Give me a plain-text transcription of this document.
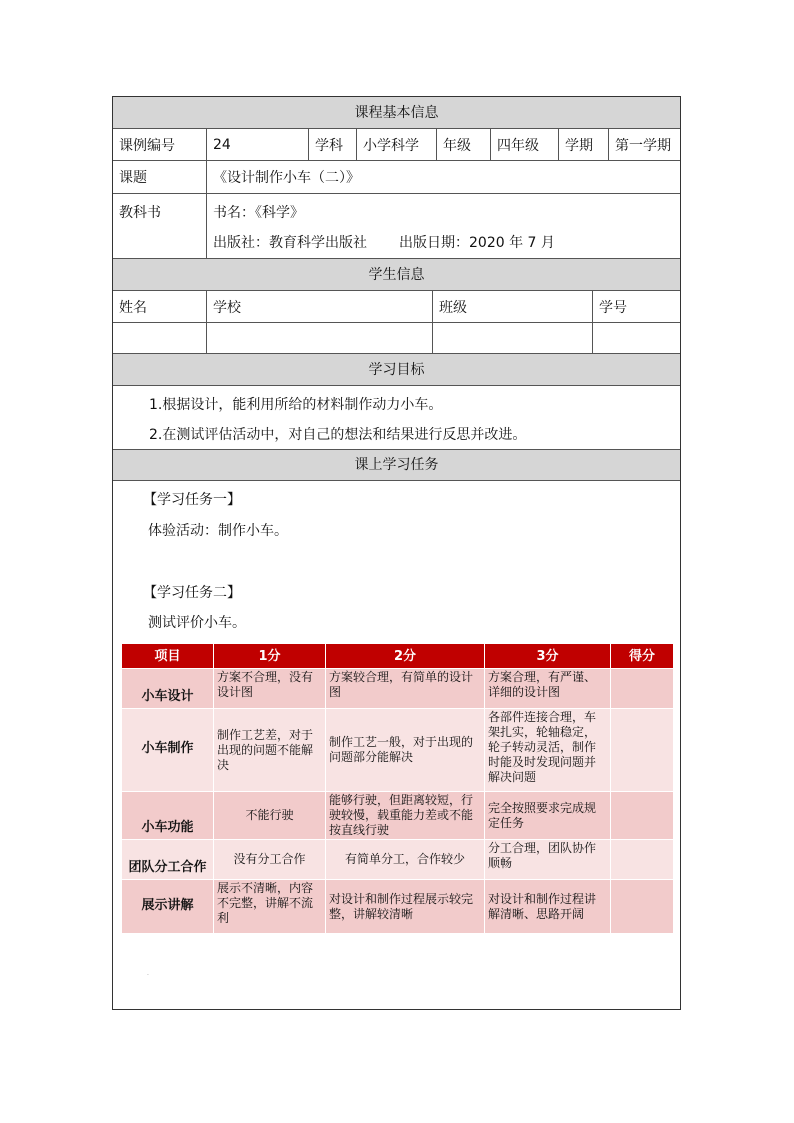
课程基本信息
课例编号	24	学科	小学科学	年级	四年级	学期	第一学期
课题	《设计制作小车（二）》
教科书	书名：《科学》
出版社：教育科学出版社 出版日期：2020 年 7 月
学生信息
姓名	学校	班级	学号
学习目标
1.根据设计，能利用所给的材料制作动力小车。
2.在测试评估活动中，对自己的想法和结果进行反思并改进。
课上学习任务
【学习任务一】
体验活动：制作小车。
【学习任务二】
测试评价小车。
项目	1分	2分	3分	得分
小车设计	方案不合理，没有设计图	方案较合理，有简单的设计图	方案合理，有严谨、详细的设计图	
小车制作	制作工艺差，对于出现的问题不能解决	制作工艺一般，对于出现的问题部分能解决	各部件连接合理，车架扎实，轮轴稳定，轮子转动灵活，制作时能及时发现问题并解决问题	
小车功能	不能行驶	能够行驶，但距离较短，行驶较慢，载重能力差或不能按直线行驶	完全按照要求完成规定任务	
团队分工合作	没有分工合作	有简单分工，合作较少	分工合理，团队协作顺畅	
展示讲解	展示不清晰，内容不完整，讲解不流利	对设计和制作过程展示较完整，讲解较清晰	对设计和制作过程讲解清晰、思路开阔	
.
